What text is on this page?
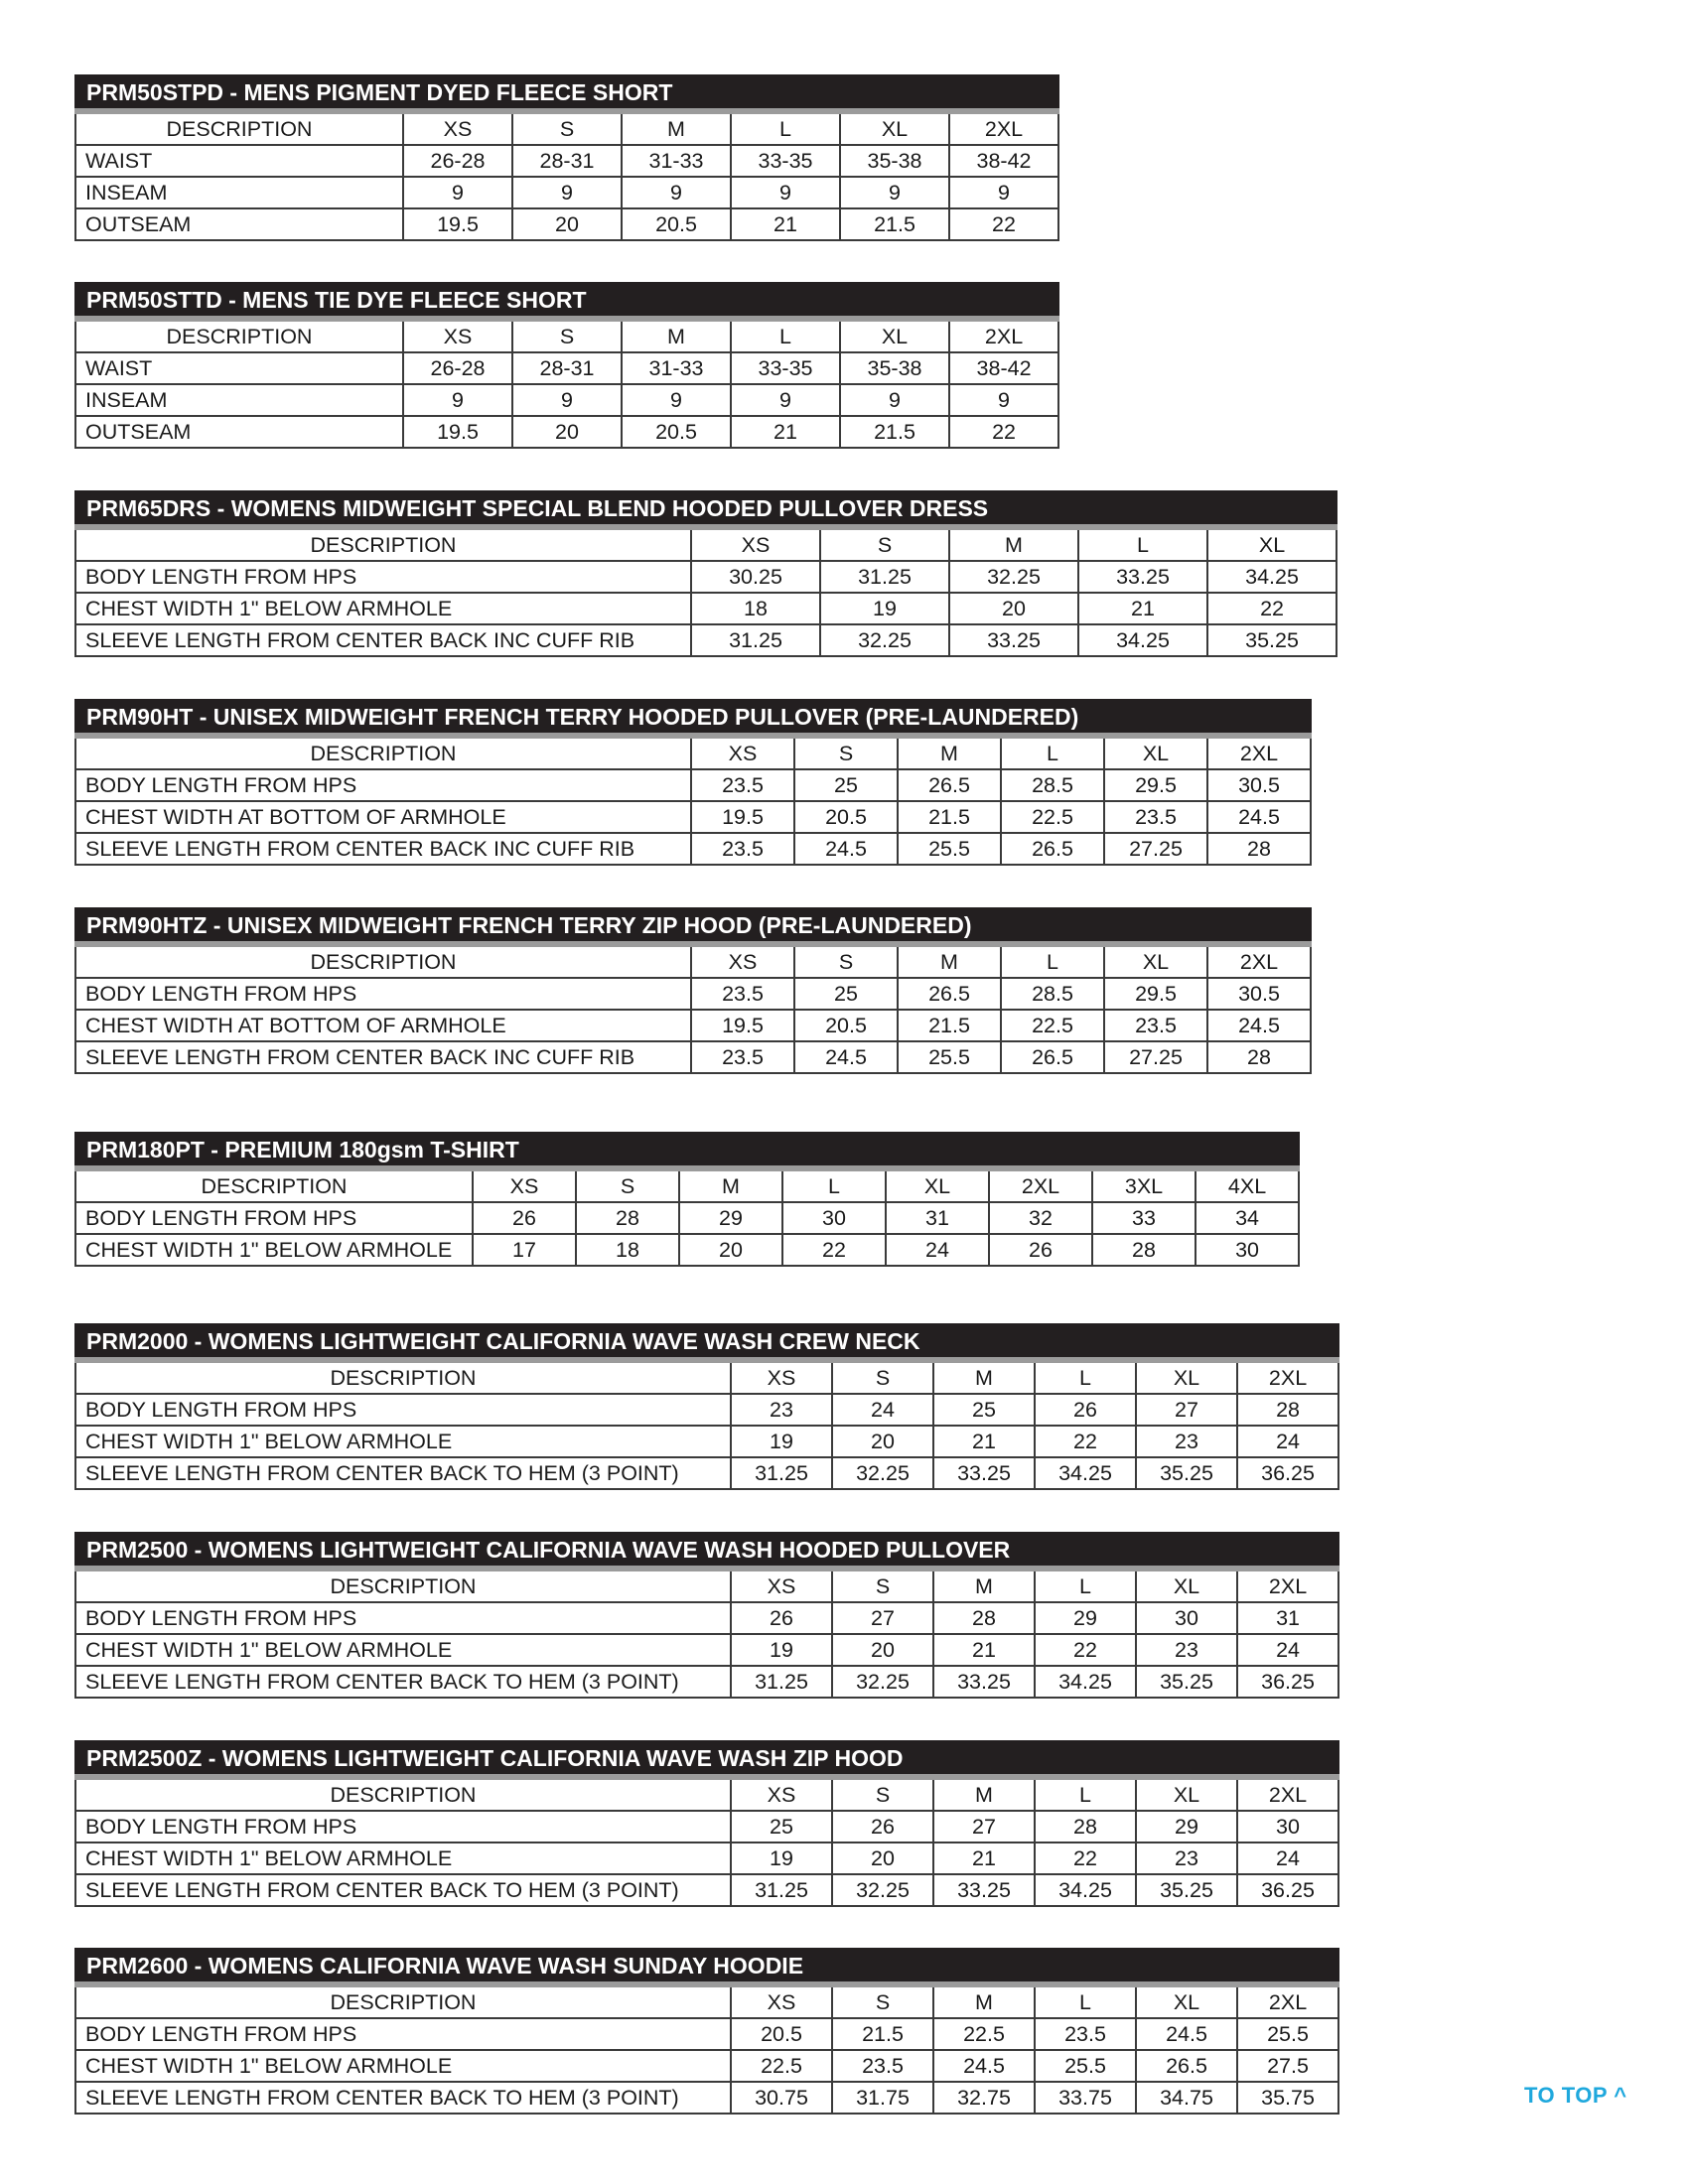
PRM50STPD - MENS PIGMENT DYED FLEECE SHORT						
DESCRIPTION	XS	S	M	L	XL	2XL
WAIST	26-28	28-31	31-33	33-35	35-38	38-42
INSEAM	9	9	9	9	9	9
OUTSEAM	19.5	20	20.5	21	21.5	22
PRM50STTD - MENS TIE DYE FLEECE SHORT						
DESCRIPTION	XS	S	M	L	XL	2XL
WAIST	26-28	28-31	31-33	33-35	35-38	38-42
INSEAM	9	9	9	9	9	9
OUTSEAM	19.5	20	20.5	21	21.5	22
PRM65DRS - WOMENS MIDWEIGHT SPECIAL BLEND HOODED PULLOVER DRESS					
DESCRIPTION	XS	S	M	L	XL
BODY LENGTH FROM HPS	30.25	31.25	32.25	33.25	34.25
CHEST WIDTH 1" BELOW ARMHOLE	18	19	20	21	22
SLEEVE LENGTH FROM CENTER BACK INC CUFF RIB	31.25	32.25	33.25	34.25	35.25
PRM90HT - UNISEX MIDWEIGHT FRENCH TERRY HOODED PULLOVER (PRE-LAUNDERED)						
DESCRIPTION	XS	S	M	L	XL	2XL
BODY LENGTH FROM HPS	23.5	25	26.5	28.5	29.5	30.5
CHEST WIDTH AT BOTTOM OF ARMHOLE	19.5	20.5	21.5	22.5	23.5	24.5
SLEEVE LENGTH FROM CENTER BACK INC CUFF RIB	23.5	24.5	25.5	26.5	27.25	28
PRM90HTZ - UNISEX MIDWEIGHT FRENCH TERRY ZIP HOOD (PRE-LAUNDERED)						
DESCRIPTION	XS	S	M	L	XL	2XL
BODY LENGTH FROM HPS	23.5	25	26.5	28.5	29.5	30.5
CHEST WIDTH AT BOTTOM OF ARMHOLE	19.5	20.5	21.5	22.5	23.5	24.5
SLEEVE LENGTH FROM CENTER BACK INC CUFF RIB	23.5	24.5	25.5	26.5	27.25	28
PRM180PT - PREMIUM 180gsm T-SHIRT								
DESCRIPTION	XS	S	M	L	XL	2XL	3XL	4XL
BODY LENGTH FROM HPS	26	28	29	30	31	32	33	34
CHEST WIDTH 1" BELOW ARMHOLE	17	18	20	22	24	26	28	30
PRM2000 - WOMENS LIGHTWEIGHT CALIFORNIA WAVE WASH CREW NECK						
DESCRIPTION	XS	S	M	L	XL	2XL
BODY LENGTH FROM HPS	23	24	25	26	27	28
CHEST WIDTH 1" BELOW ARMHOLE	19	20	21	22	23	24
SLEEVE LENGTH FROM CENTER BACK TO HEM (3 POINT)	31.25	32.25	33.25	34.25	35.25	36.25
PRM2500 - WOMENS LIGHTWEIGHT CALIFORNIA WAVE WASH HOODED PULLOVER						
DESCRIPTION	XS	S	M	L	XL	2XL
BODY LENGTH FROM HPS	26	27	28	29	30	31
CHEST WIDTH 1" BELOW ARMHOLE	19	20	21	22	23	24
SLEEVE LENGTH FROM CENTER BACK TO HEM (3 POINT)	31.25	32.25	33.25	34.25	35.25	36.25
PRM2500Z - WOMENS LIGHTWEIGHT CALIFORNIA WAVE WASH ZIP HOOD						
DESCRIPTION	XS	S	M	L	XL	2XL
BODY LENGTH FROM HPS	25	26	27	28	29	30
CHEST WIDTH 1" BELOW ARMHOLE	19	20	21	22	23	24
SLEEVE LENGTH FROM CENTER BACK TO HEM (3 POINT)	31.25	32.25	33.25	34.25	35.25	36.25
PRM2600 - WOMENS CALIFORNIA WAVE WASH SUNDAY HOODIE						
DESCRIPTION	XS	S	M	L	XL	2XL
BODY LENGTH FROM HPS	20.5	21.5	22.5	23.5	24.5	25.5
CHEST WIDTH 1" BELOW ARMHOLE	22.5	23.5	24.5	25.5	26.5	27.5
SLEEVE LENGTH FROM CENTER BACK TO HEM (3 POINT)	30.75	31.75	32.75	33.75	34.75	35.75	TO TOP ^
